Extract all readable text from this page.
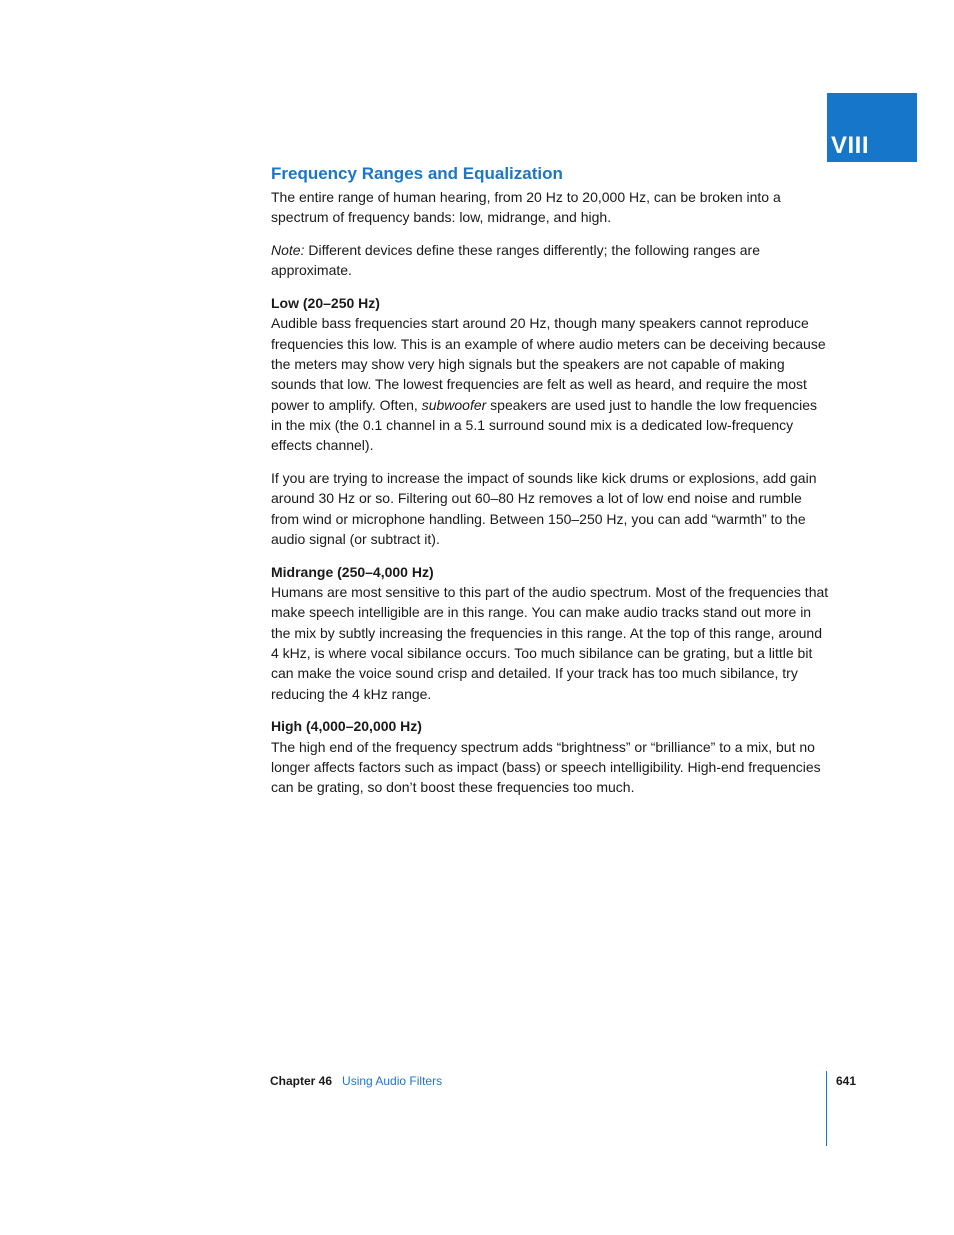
VIII
Frequency Ranges and Equalization

The entire range of human hearing, from 20 Hz to 20,000 Hz, can be broken into a spectrum of frequency bands: low, midrange, and high.

Note: Different devices define these ranges differently; the following ranges are approximate.

Low (20–250 Hz)

Audible bass frequencies start around 20 Hz, though many speakers cannot reproduce frequencies this low. This is an example of where audio meters can be deceiving because the meters may show very high signals but the speakers are not capable of making sounds that low. The lowest frequencies are felt as well as heard, and require the most power to amplify. Often, subwoofer speakers are used just to handle the low frequencies in the mix (the 0.1 channel in a 5.1 surround sound mix is a dedicated low-frequency effects channel).

If you are trying to increase the impact of sounds like kick drums or explosions, add gain around 30 Hz or so. Filtering out 60–80 Hz removes a lot of low end noise and rumble from wind or microphone handling. Between 150–250 Hz, you can add “warmth” to the audio signal (or subtract it).

Midrange (250–4,000 Hz)

Humans are most sensitive to this part of the audio spectrum. Most of the frequencies that make speech intelligible are in this range. You can make audio tracks stand out more in the mix by subtly increasing the frequencies in this range. At the top of this range, around 4 kHz, is where vocal sibilance occurs. Too much sibilance can be grating, but a little bit can make the voice sound crisp and detailed. If your track has too much sibilance, try reducing the 4 kHz range.

High (4,000–20,000 Hz)

The high end of the frequency spectrum adds “brightness” or “brilliance” to a mix, but no longer affects factors such as impact (bass) or speech intelligibility. High-end frequencies can be grating, so don’t boost these frequencies too much.

Chapter 46 Using Audio Filters	641
